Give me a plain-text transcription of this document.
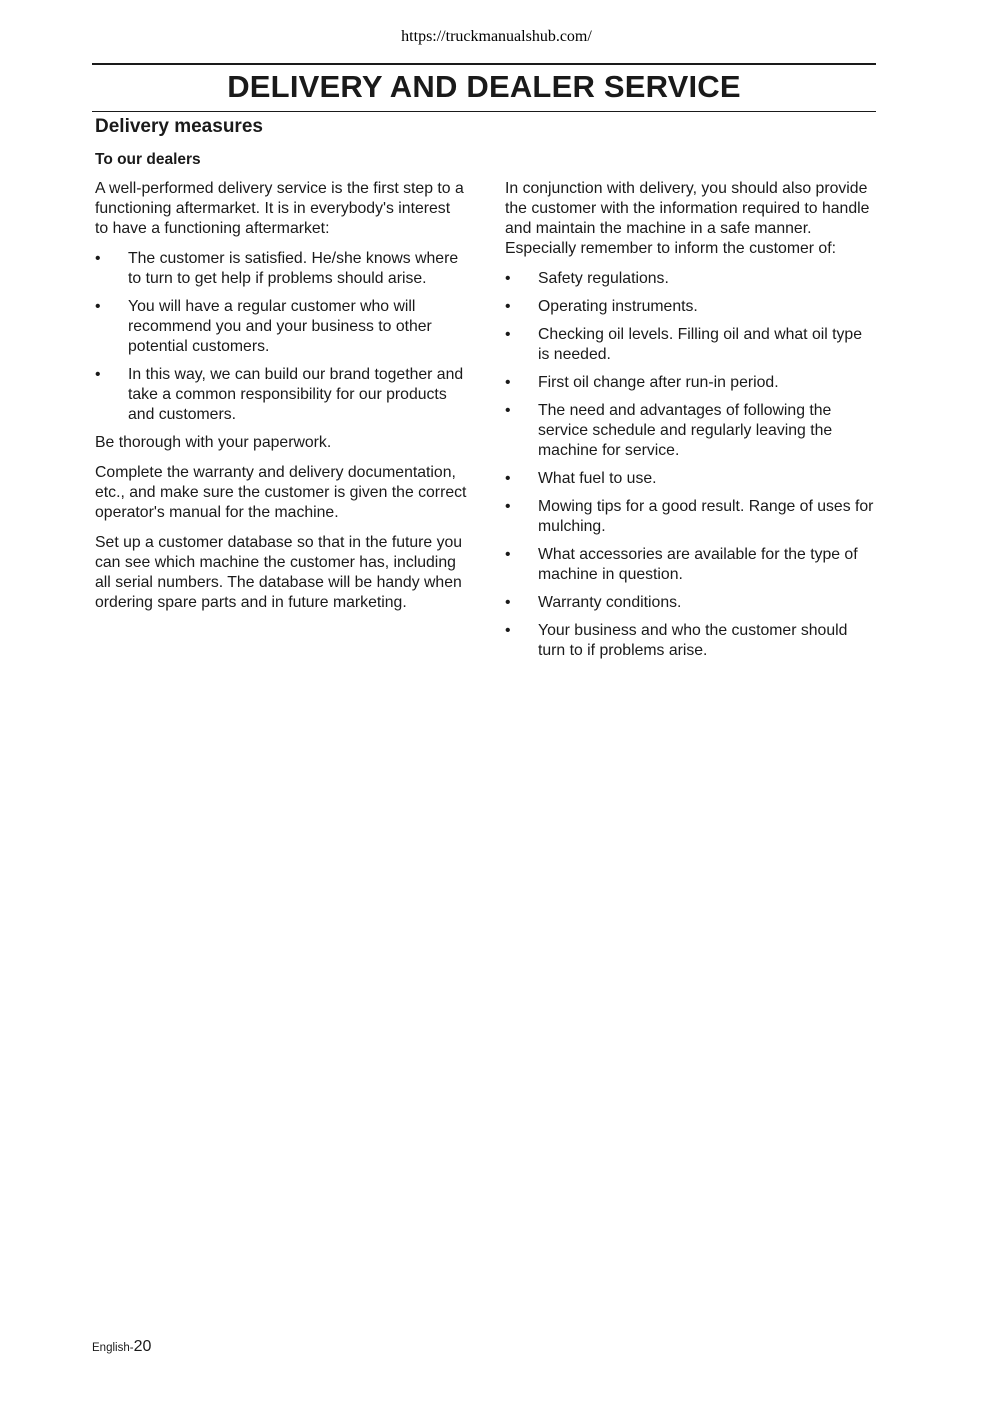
https://truckmanualshub.com/
DELIVERY AND DEALER SERVICE
Delivery measures
To our dealers

A well-performed delivery service is the first step to a functioning aftermarket. It is in everybody's interest to have a functioning aftermarket:

• The customer is satisfied. He/she knows where to turn to get help if problems should arise.
• You will have a regular customer who will recommend you and your business to other potential customers.
• In this way, we can build our brand together and take a common responsibility for our products and customers.

Be thorough with your paperwork.

Complete the warranty and delivery documentation, etc., and make sure the customer is given the correct operator's manual for the machine.

Set up a customer database so that in the future you can see which machine the customer has, including all serial numbers. The database will be handy when ordering spare parts and in future marketing.

In conjunction with delivery, you should also provide the customer with the information required to handle and maintain the machine in a safe manner. Especially remember to inform the customer of:

• Safety regulations.
• Operating instruments.
• Checking oil levels. Filling oil and what oil type is needed.
• First oil change after run-in period.
• The need and advantages of following the service schedule and regularly leaving the machine for service.
• What fuel to use.
• Mowing tips for a good result. Range of uses for mulching.
• What accessories are available for the type of machine in question.
• Warranty conditions.
• Your business and who the customer should turn to if problems arise.
English-20
